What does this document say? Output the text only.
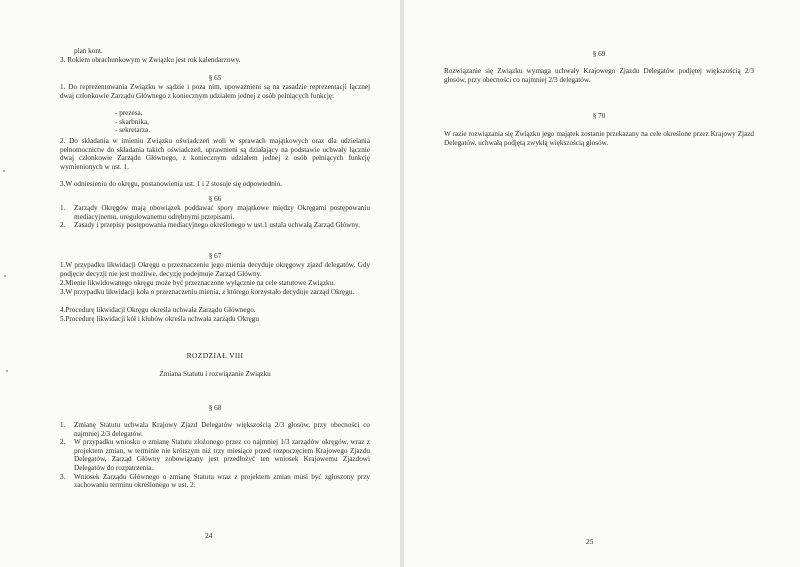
plan kont.

3. Rokiem obrachunkowym w Związku jest rok kalendarzowy.

§ 65

1. Do reprezentowania Związku w sądzie i poza nim, upoważnieni są na zasadzie reprezentacji łącznej dwaj członkowie Zarządu Głównego z koniecznym udziałem jednej z osób pełniących funkcję:

- prezesa,
- skarbnika,
- sekretarza.

2. Do składania w imieniu Związku oświadczeń woli w sprawach majątkowych oraz dla udzielania pełnomocnictw do składania takich oświadczeń, uprawnieni są działający na podstawie uchwały łącznie dwaj członkowie Zarządu Głównego, z koniecznym udziałem jednej z osób pełniących funkcję wymienionych w ust. 1.

3.W odniesieniu do okręgu, postanowienia ust. 1 i 2 stosuje się odpowiednio.

§ 66

1.	Zarządy Okręgów mają obowiązek poddawać spory majątkowe między Okręgami postępowaniu mediacyjnemu, uregulowanemu odrębnymi przepisami.
2.	Zasady i przepisy postępowania mediacyjnego określonego w ust.1 ustala uchwałą Zarząd Główny.

§ 67

1.W przypadku likwidacji Okręgu o przeznaczeniu jego mienia decyduje okręgowy zjazd delegatów. Gdy podjęcie decyzji nie jest możliwe, decyzję podejmuje Zarząd Główny.

2.Mienie likwidowanego okręgu może być przeznaczone wyłącznie na cele statutowe Związku.

3.W przypadku likwidacji koła o przeznaczeniu mienia, z którego korzystało decyduje zarząd Okręgu.

4.Procedurę likwidacji Okręgu określa uchwała Zarządu Głównego.

5.Procedurę likwidacji kół i klubów określa uchwała zarządu Okręgu

ROZDZIAŁ VIII

Zmiana Statutu i rozwiązanie Związku

§ 68

1.	Zmianę Statutu uchwala Krajowy Zjazd Delegatów większością 2/3 głosów, przy obecności co najmniej 2/3 delegatów.
2.	W przypadku wniosku o zmianę Statutu złożonego przez co najmniej 1/3 zarządów okręgów, wraz z projektem zmian, w terminie nie krótszym niż trzy miesiące przed rozpoczęciem Krajowego Zjazdu Delegatów, Zarząd Główny zobowiązany jest przedłożyć ten wniosek Krajowemu Zjazdowi Delegatów do rozpatrzenia.
3.	Wniosek Zarządu Głównego o zmianę Statutu wraz z projektem zmian musi być zgłoszony przy zachowaniu terminu określonego w ust. 2.

24

§ 69

Rozwiązanie się Związku wymaga uchwały Krajowego Zjazdu Delegatów podjętej większością 2/3 głosów, przy obecności co najmniej 2/3 delegatów.

§ 70

W razie rozwiązania się Związku jego majątek zostanie przekazany na cele określone przez Krajowy Zjazd Delegatów, uchwałą podjętą zwykłą większością głosów.

25
